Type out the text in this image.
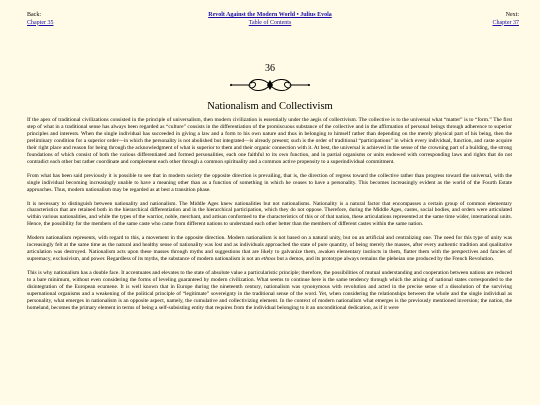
Back:
Chapter 35
Revolt Against the Modern World • Julius Evola
Table of Contents
Next:
Chapter 37
36
Nationalism and Collectivism

If the apex of traditional civilizations consisted in the principle of universalism, then modern civilization is essentially under the aegis of collectivism. The collective is to the universal what “matter” is to “form.” The first step of what in a traditional sense has always been regarded as “culture” consists in the differentiation of the promiscuous substance of the collective and in the affirmation of personal beings through adherence to superior principles and interests. When the single individual has succeeded in giving a law and a form to his own nature and thus in belonging to himself rather than depending on the merely physical part of his being, then the preliminary condition for a superior order—in which the personality is not abolished but integrated—is already present; such is the order of traditional “participations” in which every individual, function, and caste acquire their right place and reason for being through the acknowledgment of what is superior to them and their organic connection with it. At best, the universal is achieved in the sense of the crowning part of a building, the strong foundations of which consist of both the various differentiated and formed personalities, each one faithful to its own function, and in partial organisms or units endowed with corresponding laws and rights that do not contradict each other but rather coordinate and complement each other through a common spirituality and a common active propensity to a superindividual commitment.

From what has been said previously it is possible to see that in modern society the opposite direction is prevailing, that is, the direction of regress toward the collective rather than progress toward the universal, with the single individual becoming increasingly unable to have a meaning other than as a function of something in which he ceases to have a personality. This becomes increasingly evident as the world of the Fourth Estate approaches. Thus, modern nationalism may be regarded as at best a transition phase.

It is necessary to distinguish between nationality and nationalism. The Middle Ages knew nationalities but not nationalisms. Nationality is a natural factor that encompasses a certain group of common elementary characteristics that are retained both in the hierarchical differentiation and in the hierarchical participation, which they do not oppose. Therefore, during the Middle Ages, castes, social bodies, and orders were articulated within various nationalities, and while the types of the warrior, noble, merchant, and artisan conformed to the characteristics of this or of that nation, these articulations represented at the same time wider, international units. Hence, the possibility for the members of the same caste who came from different nations to understand each other better than the members of different castes within the same nation.

Modern nationalism represents, with regard to this, a movement in the opposite direction. Modern nationalism is not based on a natural unity, but on an artificial and centralizing one. The need for this type of unity was increasingly felt at the same time as the natural and healthy sense of nationality was lost and as individuals approached the state of pure quantity, of being merely the masses, after every authentic tradition and qualitative articulation was destroyed. Nationalism acts upon these masses through myths and suggestions that are likely to galvanize them, awaken elementary instincts in them, flatter them with the perspectives and fancies of supremacy, exclusivism, and power. Regardless of its myths, the substance of modern nationalism is not an ethnos but a demos, and its prototype always remains the plebeian one produced by the French Revolution.

This is why nationalism has a double face. It accentuates and elevates to the state of absolute value a particularistic principle; therefore, the possibilities of mutual understanding and cooperation between nations are reduced to a bare minimum, without even considering the forms of leveling guaranteed by modern civilization. What seems to continue here is the same tendency through which the arising of national states corresponded to the disintegration of the European ecumene. It is well known that in Europe during the nineteenth century, nationalism was synonymous with revolution and acted in the precise sense of a dissolution of the surviving supernational organisms and a weakening of the political principle of “legitimate” sovereignty in the traditional sense of the word. Yet, when considering the relationships between the whole and the single individual as personality, what emerges in nationalism is an opposite aspect, namely, the cumulative and collectivizing element. In the context of modern nationalism what emerges is the previously mentioned inversion; the nation, the homeland, becomes the primary element in terms of being a self-subsisting entity that requires from the individual belonging to it an unconditional dedication, as if it were
